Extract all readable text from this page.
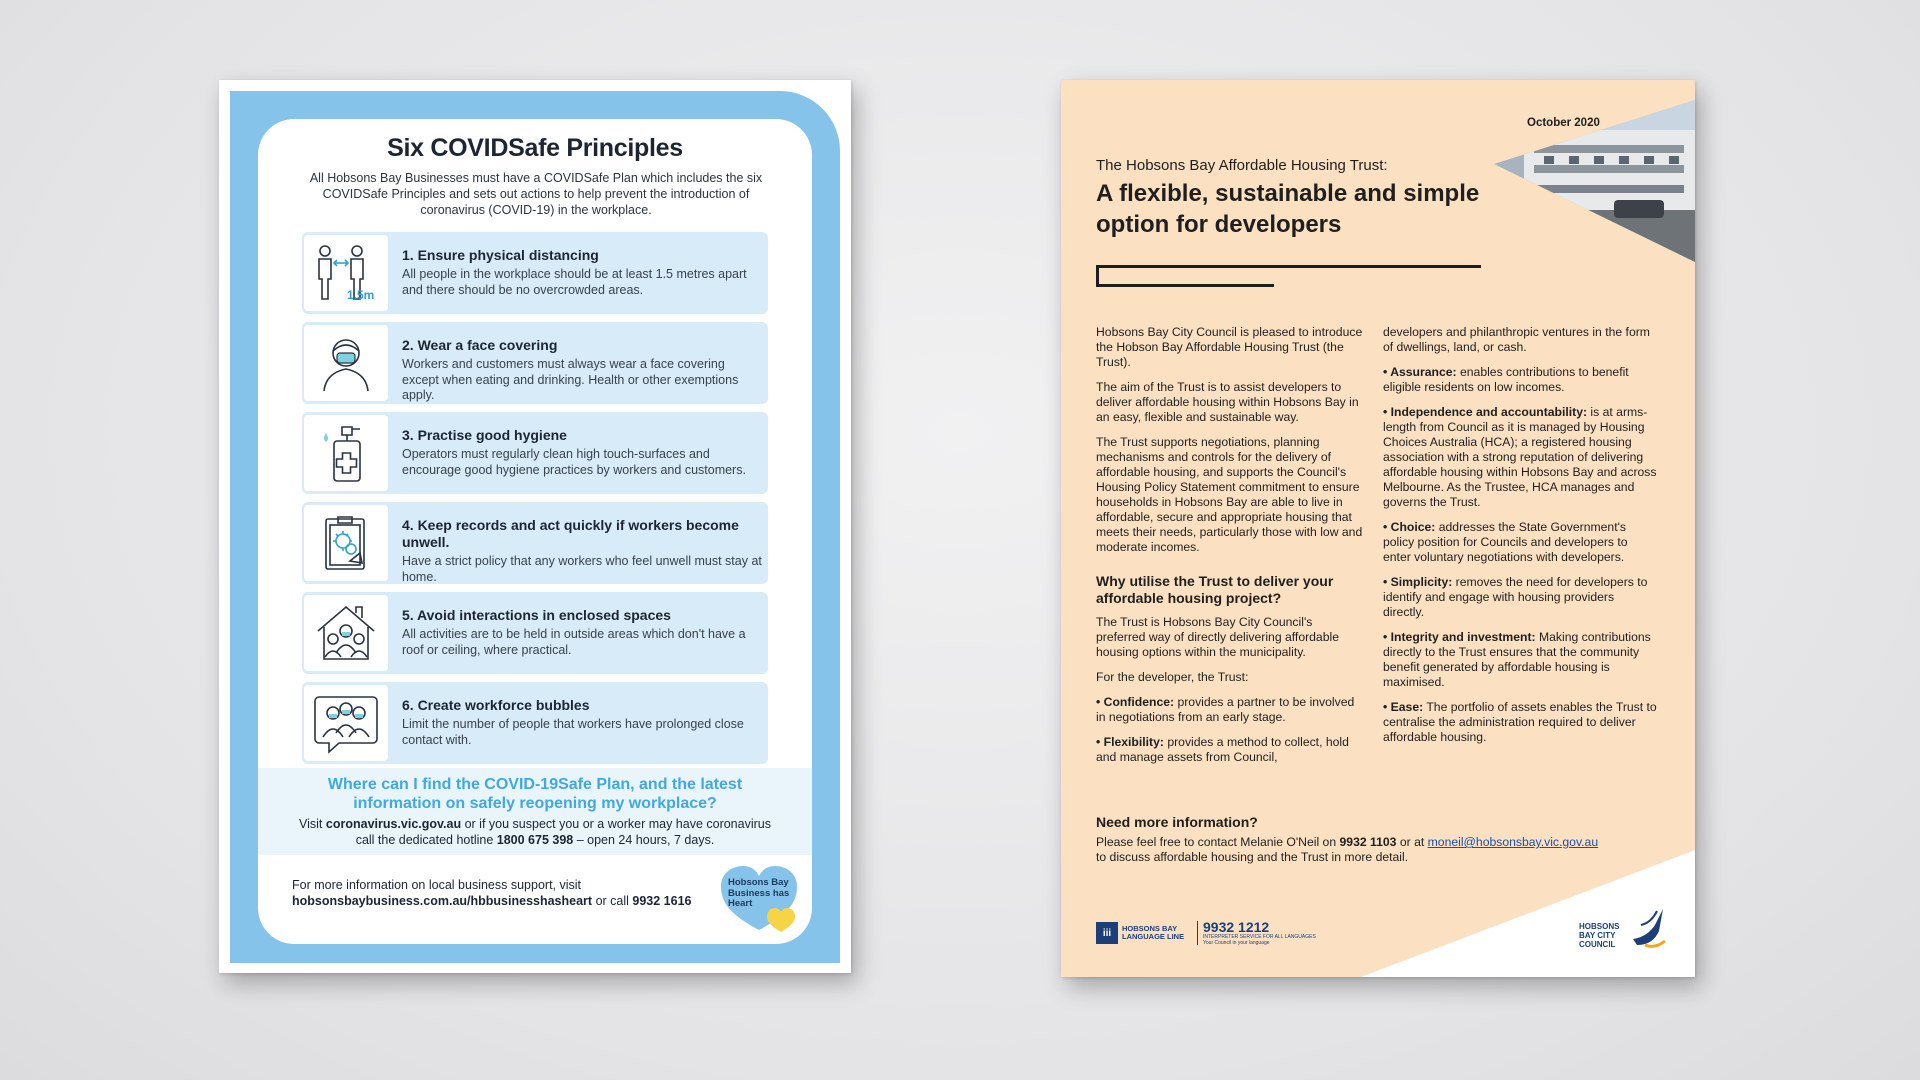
Six COVIDSafe Principles
All Hobsons Bay Businesses must have a COVIDSafe Plan which includes the six COVIDSafe Principles and sets out actions to help prevent the introduction of coronavirus (COVID-19) in the workplace.
1.5m
1. Ensure physical distancing
All people in the workplace should be at least 1.5 metres apart and there should be no overcrowded areas.
2. Wear a face covering
Workers and customers must always wear a face covering except when eating and drinking. Health or other exemptions apply.
3. Practise good hygiene
Operators must regularly clean high touch-surfaces and encourage good hygiene practices by workers and customers.
4. Keep records and act quickly if workers become unwell.
Have a strict policy that any workers who feel unwell must stay at home.
5. Avoid interactions in enclosed spaces
All activities are to be held in outside areas which don't have a roof or ceiling, where practical.
6. Create workforce bubbles
Limit the number of people that workers have prolonged close contact with.
Where can I find the COVID-19Safe Plan, and the latest information on safely reopening my workplace?
Visit coronavirus.vic.gov.au or if you suspect you or a worker may have coronavirus call the dedicated hotline 1800 675 398 – open 24 hours, 7 days.
For more information on local business support, visit
hobsonsbaybusiness.com.au/hbbusinesshasheart or call 9932 1616
Hobsons Bay Business has Heart
October 2020
The Hobsons Bay Affordable Housing Trust:
A flexible, sustainable and simple option for developers

Hobsons Bay City Council is pleased to introduce the Hobson Bay Affordable Housing Trust (the Trust).

The aim of the Trust is to assist developers to deliver affordable housing within Hobsons Bay in an easy, flexible and sustainable way.

The Trust supports negotiations, planning mechanisms and controls for the delivery of affordable housing, and supports the Council's Housing Policy Statement commitment to ensure households in Hobsons Bay are able to live in affordable, secure and appropriate housing that meets their needs, particularly those with low and moderate incomes.

Why utilise the Trust to deliver your affordable housing project?

The Trust is Hobsons Bay City Council's preferred way of directly delivering affordable housing options within the municipality.

For the developer, the Trust:

• Confidence: provides a partner to be involved in negotiations from an early stage.

• Flexibility: provides a method to collect, hold and manage assets from Council,

developers and philanthropic ventures in the form of dwellings, land, or cash.

• Assurance: enables contributions to benefit eligible residents on low incomes.

• Independence and accountability: is at arms-length from Council as it is managed by Housing Choices Australia (HCA); a registered housing association with a strong reputation of delivering affordable housing within Hobsons Bay and across Melbourne. As the Trustee, HCA manages and governs the Trust.

• Choice: addresses the State Government's policy position for Councils and developers to enter voluntary negotiations with developers.

• Simplicity: removes the need for developers to identify and engage with housing providers directly.

• Integrity and investment: Making contributions directly to the Trust ensures that the community benefit generated by affordable housing is maximised.

• Ease: The portfolio of assets enables the Trust to centralise the administration required to deliver affordable housing.

Need more information?
Please feel free to contact Melanie O'Neil on 9932 1103 or at moneil@hobsonsbay.vic.gov.au
to discuss affordable housing and the Trust in more detail.
iii	HOBSONS BAY LANGUAGE LINE
9932 1212
INTERPRETER SERVICE FOR ALL LANGUAGES
Your Council in your language
HOBSONS BAY CITY COUNCIL
